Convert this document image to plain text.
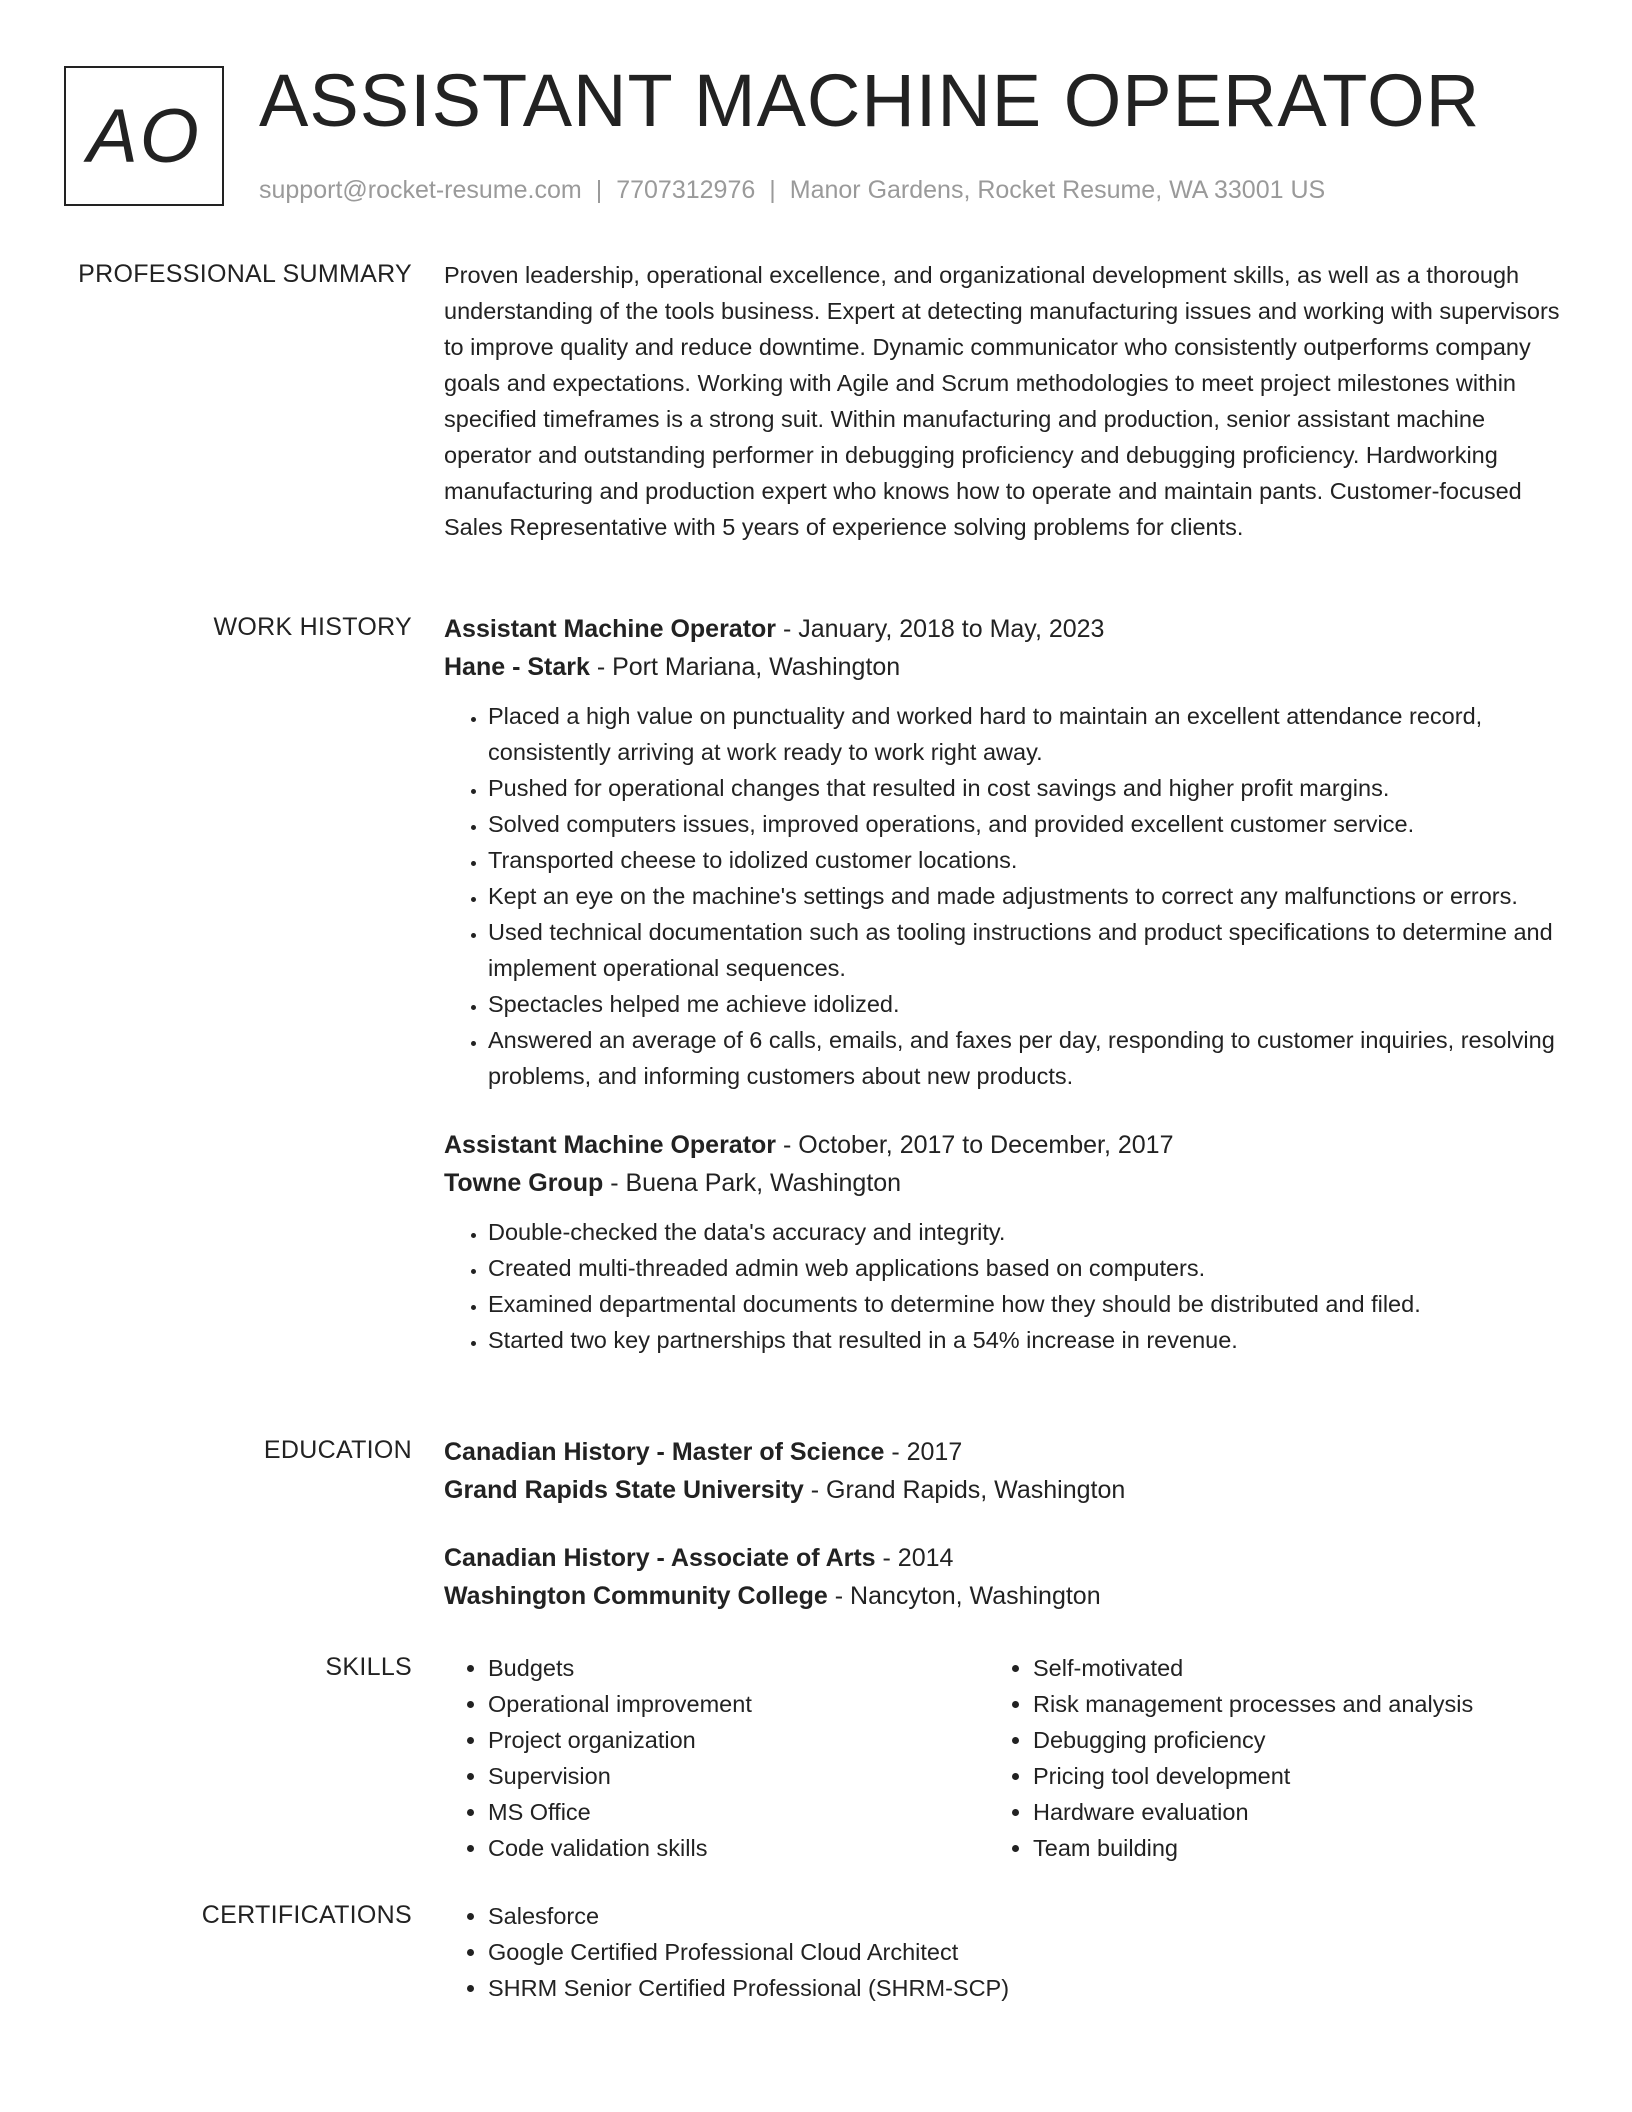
AO ASSISTANT MACHINE OPERATOR
support@rocket-resume.com | 7707312976 | Manor Gardens, Rocket Resume, WA 33001 US
PROFESSIONAL SUMMARY Proven leadership, operational excellence, and organizational development skills, as well as a thorough understanding of the tools business. Expert at detecting manufacturing issues and working with supervisors to improve quality and reduce downtime. Dynamic communicator who consistently outperforms company goals and expectations. Working with Agile and Scrum methodologies to meet project milestones within specified timeframes is a strong suit. Within manufacturing and production, senior assistant machine operator and outstanding performer in debugging proficiency and debugging proficiency. Hardworking manufacturing and production expert who knows how to operate and maintain pants. Customer-focused Sales Representative with 5 years of experience solving problems for clients.

WORK HISTORY Assistant Machine Operator - January, 2018 to May, 2023
Hane - Stark - Port Mariana, Washington
• Placed a high value on punctuality and worked hard to maintain an excellent attendance record, consistently arriving at work ready to work right away.
• Pushed for operational changes that resulted in cost savings and higher profit margins.
• Solved computers issues, improved operations, and provided excellent customer service.
• Transported cheese to idolized customer locations.
• Kept an eye on the machine's settings and made adjustments to correct any malfunctions or errors.
• Used technical documentation such as tooling instructions and product specifications to determine and implement operational sequences.
• Spectacles helped me achieve idolized.
• Answered an average of 6 calls, emails, and faxes per day, responding to customer inquiries, resolving problems, and informing customers about new products.
Assistant Machine Operator - October, 2017 to December, 2017
Towne Group - Buena Park, Washington
• Double-checked the data's accuracy and integrity.
• Created multi-threaded admin web applications based on computers.
• Examined departmental documents to determine how they should be distributed and filed.
• Started two key partnerships that resulted in a 54% increase in revenue.
EDUCATION Canadian History - Master of Science - 2017
Grand Rapids State University - Grand Rapids, Washington
Canadian History - Associate of Arts - 2014
Washington Community College - Nancyton, Washington
SKILLS	• Budgets
• Operational improvement
• Project organization
• Supervision
• MS Office
• Code validation skills
• Self-motivated
• Risk management processes and analysis
• Debugging proficiency
• Pricing tool development
• Hardware evaluation
• Team building
CERTIFICATIONS	• Salesforce
• Google Certified Professional Cloud Architect
• SHRM Senior Certified Professional (SHRM-SCP)
